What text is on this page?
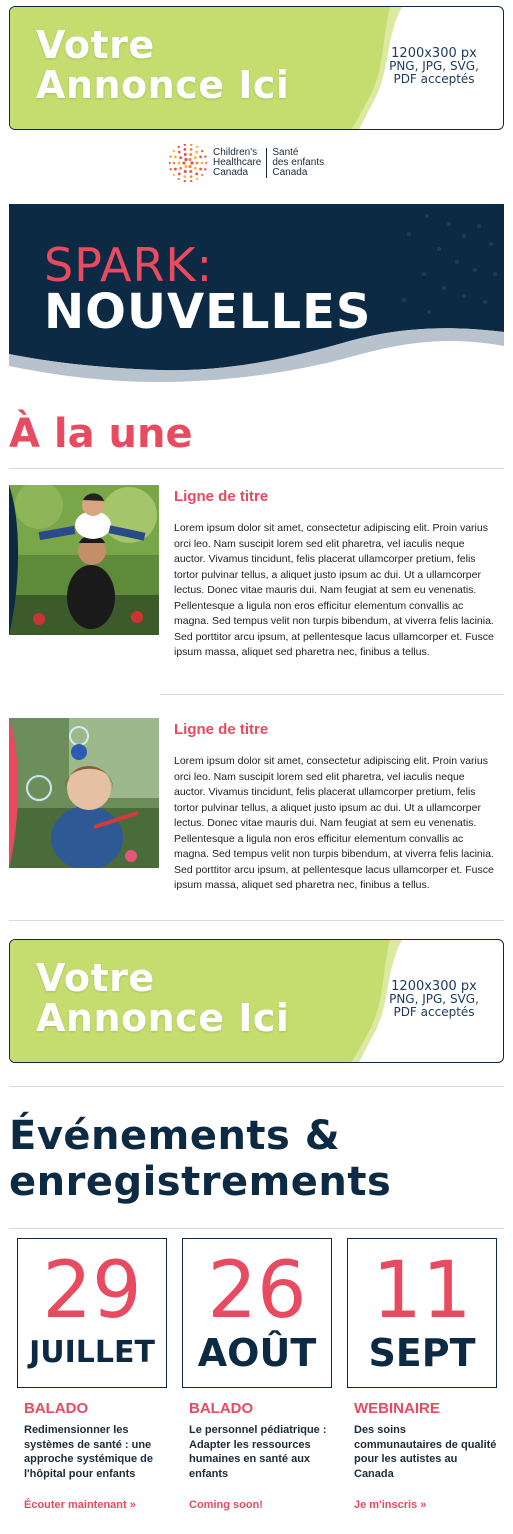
Votre
Annonce Ici
1200x300 px
PNG, JPG, SVG,
PDF acceptés
Children's
Healthcare
Canada
Santé
des enfants
Canada
SPARK:
NOUVELLES
À la une
Ligne de titre
Lorem ipsum dolor sit amet, consectetur adipiscing elit. Proin varius orci leo. Nam suscipit lorem sed elit pharetra, vel iaculis neque auctor. Vivamus tincidunt, felis placerat ullamcorper pretium, felis tortor pulvinar tellus, a aliquet justo ipsum ac dui. Ut a ullamcorper lectus. Donec vitae mauris dui. Nam feugiat at sem eu venenatis. Pellentesque a ligula non eros efficitur elementum convallis ac magna. Sed tempus velit non turpis bibendum, at viverra felis lacinia. Sed porttitor arcu ipsum, at pellentesque lacus ullamcorper et. Fusce ipsum massa, aliquet sed pharetra nec, finibus a tellus.
Ligne de titre
Lorem ipsum dolor sit amet, consectetur adipiscing elit. Proin varius orci leo. Nam suscipit lorem sed elit pharetra, vel iaculis neque auctor. Vivamus tincidunt, felis placerat ullamcorper pretium, felis tortor pulvinar tellus, a aliquet justo ipsum ac dui. Ut a ullamcorper lectus. Donec vitae mauris dui. Nam feugiat at sem eu venenatis. Pellentesque a ligula non eros efficitur elementum convallis ac magna. Sed tempus velit non turpis bibendum, at viverra felis lacinia. Sed porttitor arcu ipsum, at pellentesque lacus ullamcorper et. Fusce ipsum massa, aliquet sed pharetra nec, finibus a tellus.
Votre
Annonce Ici
1200x300 px
PNG, JPG, SVG,
PDF acceptés
Événements &
enregistrements
29
JUILLET
BALADO
Redimensionner les systèmes de santé : une approche systémique de l'hôpital pour enfants
Écouter maintenant »
26
AOÛT
BALADO
Le personnel pédiatrique : Adapter les ressources humaines en santé aux enfants
Coming soon!
11
SEPT
WEBINAIRE
Des soins communautaires de qualité pour les autistes au Canada
Je m'inscris »
